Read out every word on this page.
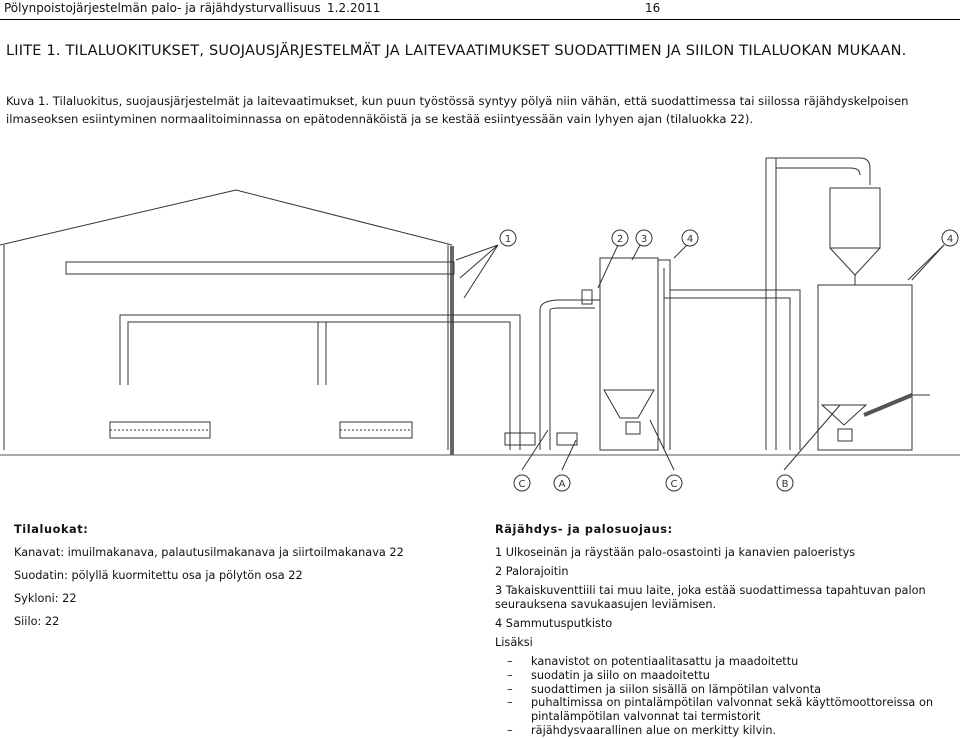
Pölynpoistojärjestelmän palo- ja räjähdysturvallisuus 1.2.2011	16
LIITE 1. TILALUOKITUKSET, SUOJAUSJÄRJESTELMÄT JA LAITEVAATIMUKSET SUODATTIMEN JA SIILON TILALUOKAN MUKAAN.
Kuva 1. Tilaluokitus, suojausjärjestelmät ja laitevaatimukset, kun puun työstössä syntyy pölyä niin vähän, että suodattimessa tai siilossa räjähdyskelpoisen ilmaseoksen esiintyminen normaalitoiminnassa on epätodennäköistä ja se kestää esiintyessään vain lyhyen ajan (tilaluokka 22).
1	2 3	4	4
C	A	C	B
Tilaluokat:

Kanavat: imuilmakanava, palautusilmakanava ja siirtoilmakanava 22

Suodatin: pölyllä kuormitettu osa ja pölytön osa 22

Sykloni: 22

Siilo: 22

Räjähdys- ja palosuojaus:

1 Ulkoseinän ja räystään palo-osastointi ja kanavien paloeristys

2 Palorajoitin

3 Takaiskuventtiili tai muu laite, joka estää suodattimessa tapahtuvan palon seurauksena savukaasujen leviämisen.

4 Sammutusputkisto

Lisäksi

– kanavistot on potentiaalitasattu ja maadoitettu
– suodatin ja siilo on maadoitettu
– suodattimen ja siilon sisällä on lämpötilan valvonta
– puhaltimissa on pintalämpötilan valvonnat sekä käyttömoottoreissa on pintalämpötilan valvonnat tai termistorit
– räjähdysvaarallinen alue on merkitty kilvin.
